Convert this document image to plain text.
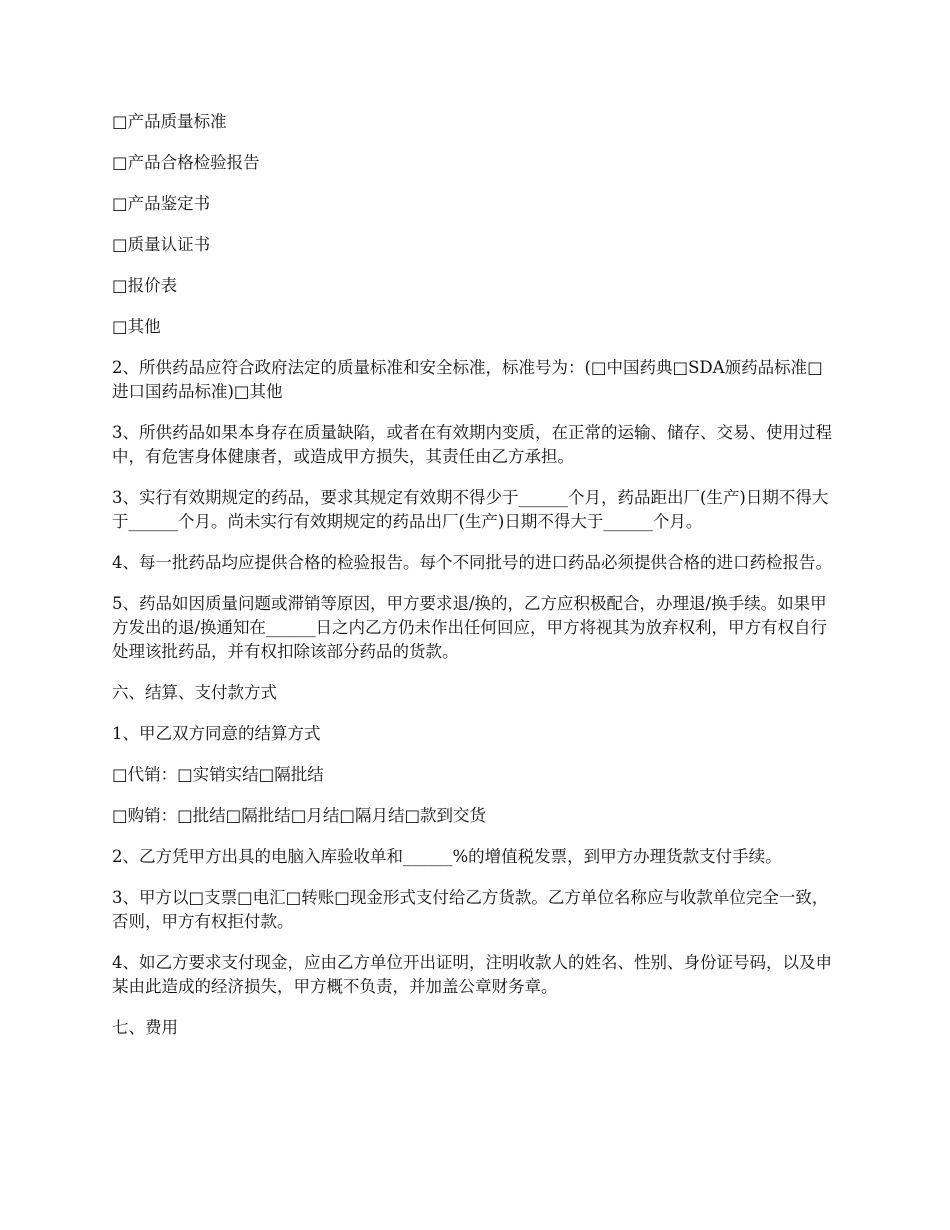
□产品质量标准

□产品合格检验报告

□产品鉴定书

□质量认证书

□报价表

□其他

2、所供药品应符合政府法定的质量标准和安全标准，标准号为：(□中国药典□SDA颁药品标准□进口国药品标准)□其他

3、所供药品如果本身存在质量缺陷，或者在有效期内变质，在正常的运输、储存、交易、使用过程中，有危害身体健康者，或造成甲方损失，其责任由乙方承担。

3、实行有效期规定的药品，要求其规定有效期不得少于______个月，药品距出厂(生产)日期不得大于______个月。尚未实行有效期规定的药品出厂(生产)日期不得大于______个月。

4、每一批药品均应提供合格的检验报告。每个不同批号的进口药品必须提供合格的进口药检报告。

5、药品如因质量问题或滞销等原因，甲方要求退/换的，乙方应积极配合，办理退/换手续。如果甲方发出的退/换通知在______日之内乙方仍未作出任何回应，甲方将视其为放弃权利，甲方有权自行处理该批药品，并有权扣除该部分药品的货款。

六、结算、支付款方式

1、甲乙双方同意的结算方式

□代销：□实销实结□隔批结

□购销：□批结□隔批结□月结□隔月结□款到交货

2、乙方凭甲方出具的电脑入库验收单和______%的增值税发票，到甲方办理货款支付手续。

3、甲方以□支票□电汇□转账□现金形式支付给乙方货款。乙方单位名称应与收款单位完全一致，否则，甲方有权拒付款。

4、如乙方要求支付现金，应由乙方单位开出证明，注明收款人的姓名、性别、身份证号码，以及申某由此造成的经济损失，甲方概不负责，并加盖公章财务章。

七、费用
